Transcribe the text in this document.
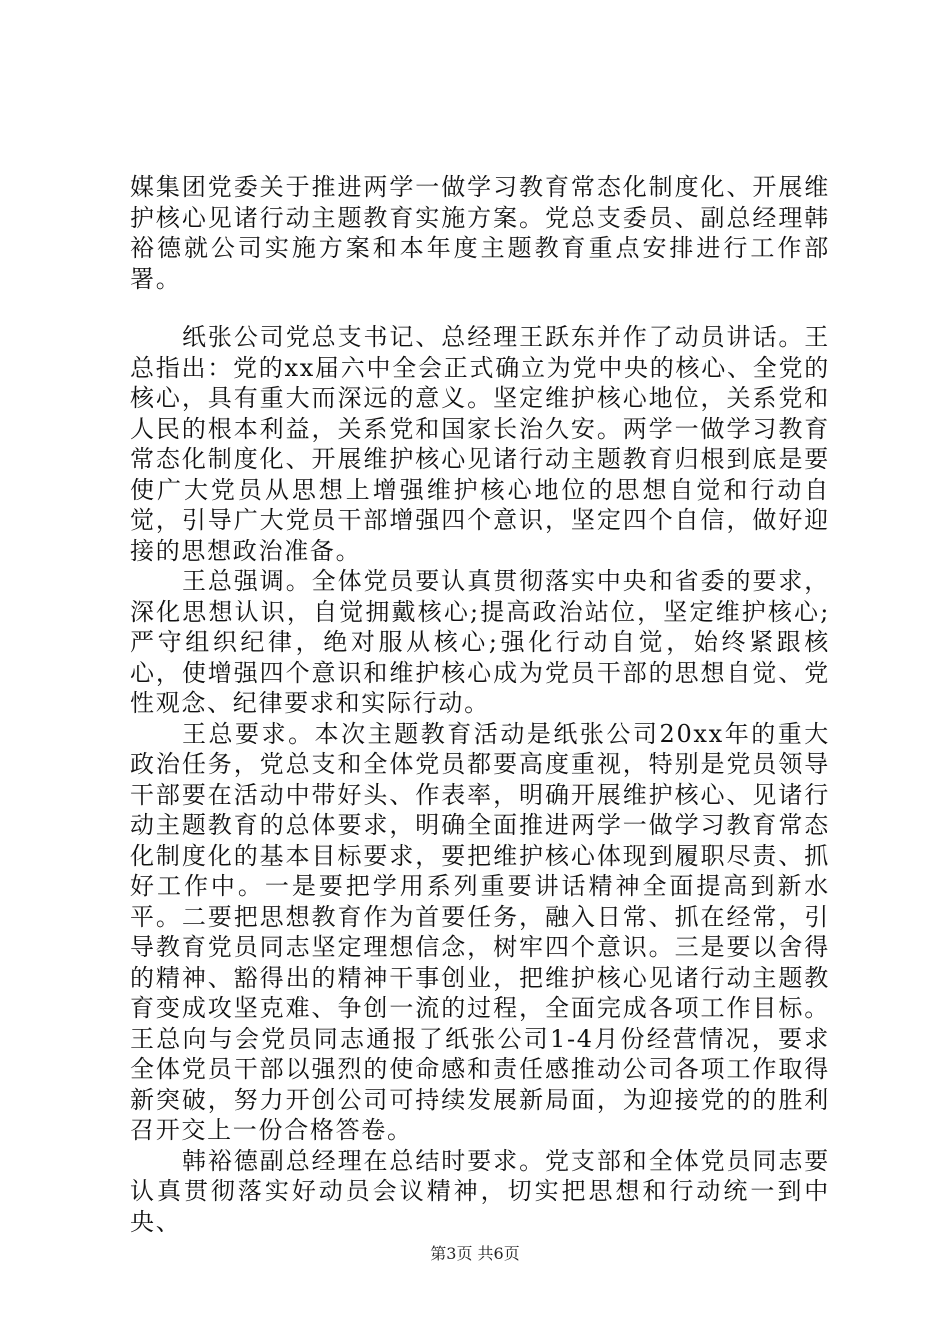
媒集团党委关于推进两学一做学习教育常态化制度化、开展维护核心见诸行动主题教育实施方案。党总支委员、副总经理韩裕德就公司实施方案和本年度主题教育重点安排进行工作部署。

纸张公司党总支书记、总经理王跃东并作了动员讲话。王总指出：党的xx届六中全会正式确立为党中央的核心、全党的核心，具有重大而深远的意义。坚定维护核心地位，关系党和人民的根本利益，关系党和国家长治久安。两学一做学习教育常态化制度化、开展维护核心见诸行动主题教育归根到底是要使广大党员从思想上增强维护核心地位的思想自觉和行动自觉，引导广大党员干部增强四个意识，坚定四个自信，做好迎接的思想政治准备。

王总强调。全体党员要认真贯彻落实中央和省委的要求，深化思想认识，自觉拥戴核心;提高政治站位，坚定维护核心;严守组织纪律，绝对服从核心;强化行动自觉，始终紧跟核心，使增强四个意识和维护核心成为党员干部的思想自觉、党性观念、纪律要求和实际行动。

王总要求。本次主题教育活动是纸张公司20xx年的重大政治任务，党总支和全体党员都要高度重视，特别是党员领导干部要在活动中带好头、作表率，明确开展维护核心、见诸行动主题教育的总体要求，明确全面推进两学一做学习教育常态化制度化的基本目标要求，要把维护核心体现到履职尽责、抓好工作中。一是要把学用系列重要讲话精神全面提高到新水平。二要把思想教育作为首要任务，融入日常、抓在经常，引导教育党员同志坚定理想信念，树牢四个意识。三是要以舍得的精神、豁得出的精神干事创业，把维护核心见诸行动主题教育变成攻坚克难、争创一流的过程，全面完成各项工作目标。王总向与会党员同志通报了纸张公司1-4月份经营情况，要求全体党员干部以强烈的使命感和责任感推动公司各项工作取得新突破，努力开创公司可持续发展新局面，为迎接党的的胜利召开交上一份合格答卷。

韩裕德副总经理在总结时要求。党支部和全体党员同志要认真贯彻落实好动员会议精神，切实把思想和行动统一到中央、

第3页 共6页
